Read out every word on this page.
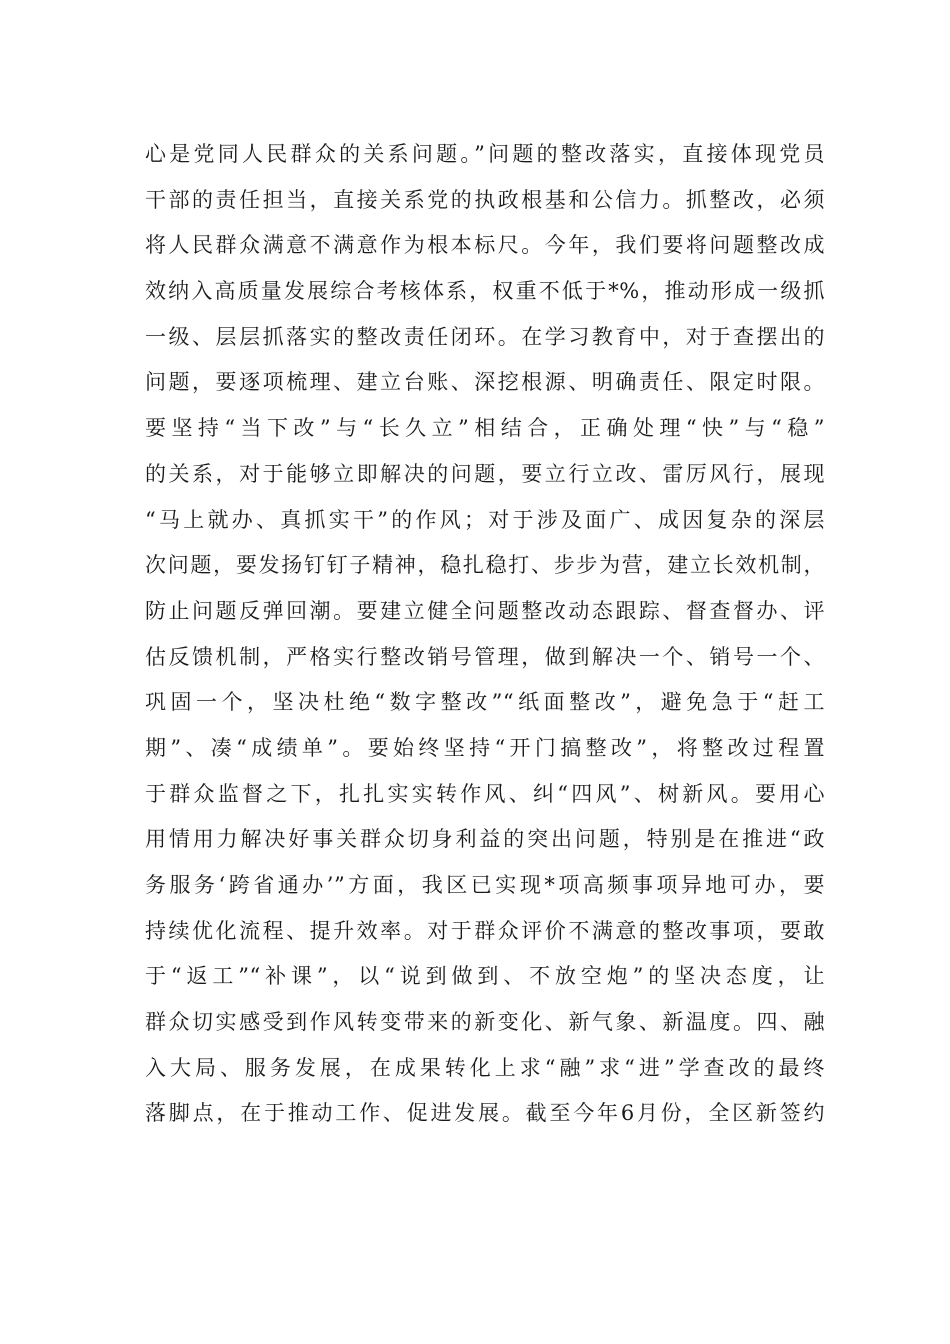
心是党同人民群众的关系问题。”问题的整改落实，直接体现党员
干部的责任担当，直接关系党的执政根基和公信力。抓整改，必须
将人民群众满意不满意作为根本标尺。今年，我们要将问题整改成
效纳入高质量发展综合考核体系，权重不低于*%，推动形成一级抓
一级、层层抓落实的整改责任闭环。在学习教育中，对于查摆出的
问题，要逐项梳理、建立台账、深挖根源、明确责任、限定时限。
要坚持“当下改”与“长久立”相结合，正确处理“快”与“稳”
的关系，对于能够立即解决的问题，要立行立改、雷厉风行，展现
“马上就办、真抓实干”的作风；对于涉及面广、成因复杂的深层
次问题，要发扬钉钉子精神，稳扎稳打、步步为营，建立长效机制，
防止问题反弹回潮。要建立健全问题整改动态跟踪、督查督办、评
估反馈机制，严格实行整改销号管理，做到解决一个、销号一个、
巩固一个，坚决杜绝“数字整改”“纸面整改”，避免急于“赶工
期”、凑“成绩单”。要始终坚持“开门搞整改”，将整改过程置
于群众监督之下，扎扎实实转作风、纠“四风”、树新风。要用心
用情用力解决好事关群众切身利益的突出问题，特别是在推进“政
务服务‘跨省通办’”方面，我区已实现*项高频事项异地可办，要
持续优化流程、提升效率。对于群众评价不满意的整改事项，要敢
于“返工”“补课”，以“说到做到、不放空炮”的坚决态度，让
群众切实感受到作风转变带来的新变化、新气象、新温度。四、融
入大局、服务发展，在成果转化上求“融”求“进”学查改的最终
落脚点，在于推动工作、促进发展。截至今年6月份，全区新签约
